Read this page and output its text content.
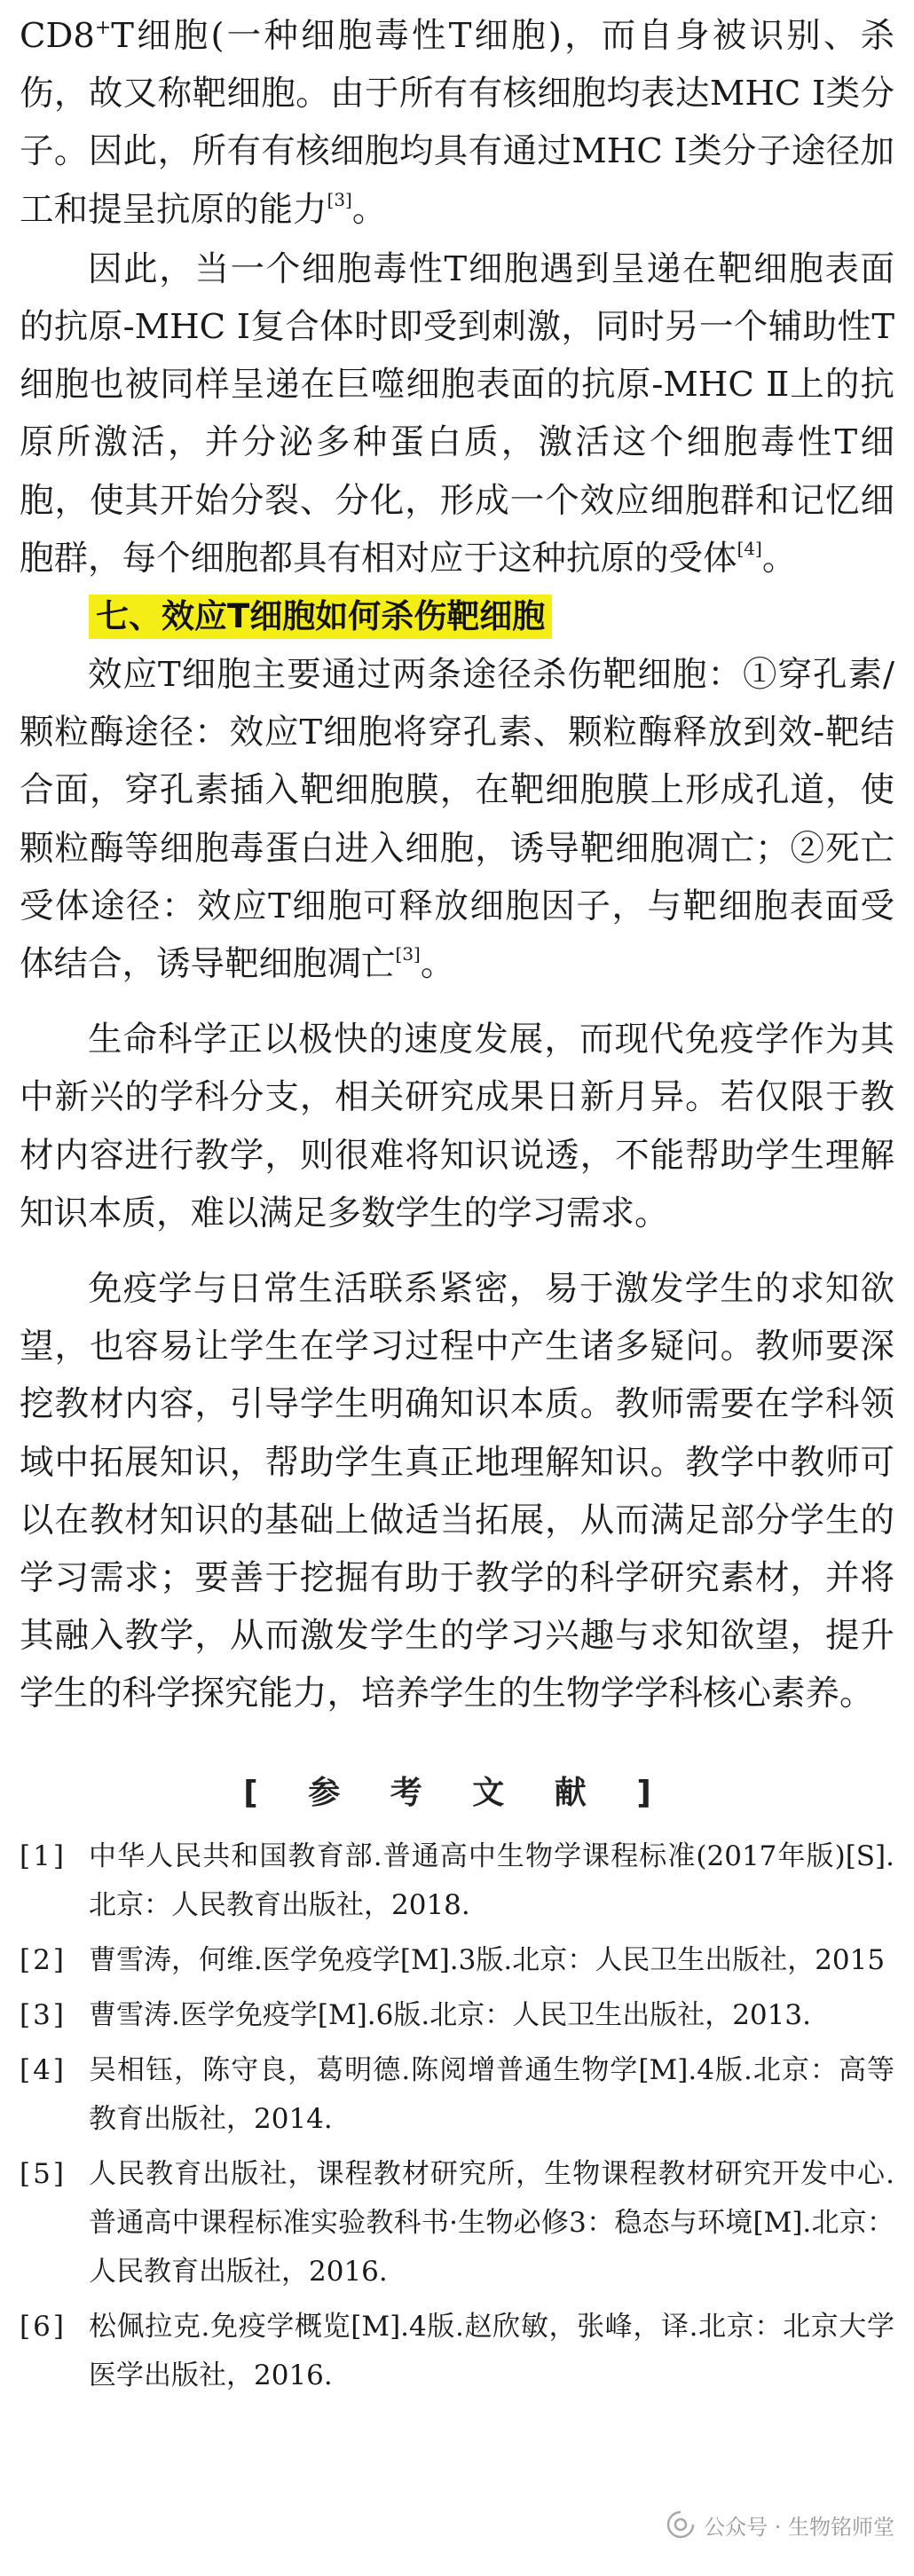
CD8+T细胞(一种细胞毒性T细胞)，而自身被识别、杀伤，故又称靶细胞。由于所有有核细胞均表达MHC Ⅰ类分子。因此，所有有核细胞均具有通过MHC Ⅰ类分子途径加工和提呈抗原的能力[3]。

因此，当一个细胞毒性T细胞遇到呈递在靶细胞表面的抗原-MHC Ⅰ复合体时即受到刺激，同时另一个辅助性T细胞也被同样呈递在巨噬细胞表面的抗原-MHC Ⅱ上的抗原所激活，并分泌多种蛋白质，激活这个细胞毒性T细胞，使其开始分裂、分化，形成一个效应细胞群和记忆细胞群，每个细胞都具有相对应于这种抗原的受体[4]。

七、效应T细胞如何杀伤靶细胞

效应T细胞主要通过两条途径杀伤靶细胞：①穿孔素/颗粒酶途径：效应T细胞将穿孔素、颗粒酶释放到效-靶结合面，穿孔素插入靶细胞膜，在靶细胞膜上形成孔道，使颗粒酶等细胞毒蛋白进入细胞，诱导靶细胞凋亡；②死亡受体途径：效应T细胞可释放细胞因子，与靶细胞表面受体结合，诱导靶细胞凋亡[3]。

生命科学正以极快的速度发展，而现代免疫学作为其中新兴的学科分支，相关研究成果日新月异。若仅限于教材内容进行教学，则很难将知识说透，不能帮助学生理解知识本质，难以满足多数学生的学习需求。

免疫学与日常生活联系紧密，易于激发学生的求知欲望，也容易让学生在学习过程中产生诸多疑问。教师要深挖教材内容，引导学生明确知识本质。教师需要在学科领域中拓展知识，帮助学生真正地理解知识。教学中教师可以在教材知识的基础上做适当拓展，从而满足部分学生的学习需求；要善于挖掘有助于教学的科学研究素材，并将其融入教学，从而激发学生的学习兴趣与求知欲望，提升学生的科学探究能力，培养学生的生物学学科核心素养。

[ 参 考 文 献 ]
[1] 中华人民共和国教育部.普通高中生物学课程标准(2017年版)[S].北京：人民教育出版社，2018.
[2] 曹雪涛，何维.医学免疫学[M].3版.北京：人民卫生出版社，2015
[3] 曹雪涛.医学免疫学[M].6版.北京：人民卫生出版社，2013.
[4] 吴相钰，陈守良，葛明德.陈阅增普通生物学[M].4版.北京：高等教育出版社，2014.
[5] 人民教育出版社，课程教材研究所，生物课程教材研究开发中心.普通高中课程标准实验教科书·生物必修3：稳态与环境[M].北京：人民教育出版社，2016.
[6] 松佩拉克.免疫学概览[M].4版.赵欣敏，张峰，译.北京：北京大学医学出版社，2016.
公众号 · 生物铭师堂
